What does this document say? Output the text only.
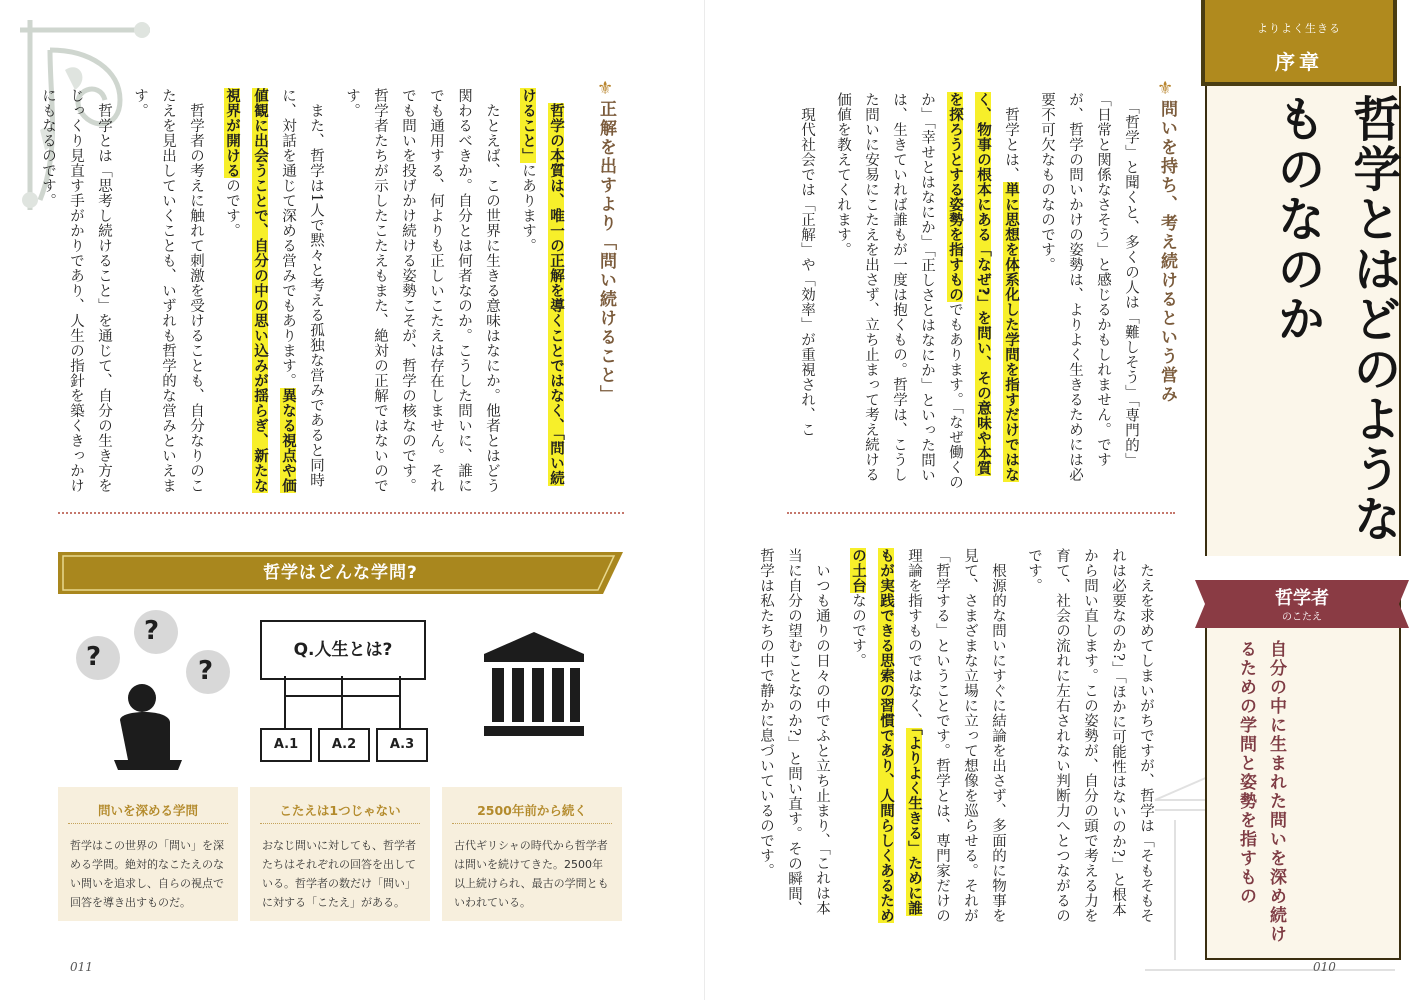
⚜
正解を出すより「問い続けること」

　哲学の本質は、唯一の正解を導くことではなく、「問い続けること」にあります。

　たとえば、この世界に生きる意味はなにか。他者とはどう関わるべきか。自分とは何者なのか。こうした問いに、誰にでも通用する、何よりも正しいこたえは存在しません。それでも問いを投げかけ続ける姿勢こそが、哲学の核なのです。哲学者たちが示したこたえもまた、絶対の正解ではないのです。

　また、哲学は1人で黙々と考える孤独な営みであると同時に、対話を通じて深める営みでもあります。異なる視点や価値観に出会うことで、自分の中の思い込みが揺らぎ、新たな視界が開けるのです。

　哲学者の考えに触れて刺激を受けることも、自分なりのこたえを見出していくことも、いずれも哲学的な営みといえます。

　哲学とは「思考し続けること」を通じて、自分の生き方をじっくり見直す手がかりであり、人生の指針を築くきっかけにもなるのです。

哲学はどんな学問?
?
?
?
Q.人生とは?
A.1	A.2	A.3
問いを深める学問
哲学はこの世界の「問い」を深める学問。絶対的なこたえのない問いを追求し、自らの視点で回答を導き出すものだ。
こたえは1つじゃない
おなじ問いに対しても、哲学者たちはそれぞれの回答を出している。哲学者の数だけ「問い」に対する「こたえ」がある。
2500年前から続く
古代ギリシャの時代から哲学者は問いを続けてきた。2500年以上続けられ、最古の学問ともいわれている。
011
⚜
問いを持ち、考え続けるという営み

　「哲学」と聞くと、多くの人は「難しそう」「専門的」「日常と関係なさそう」と感じるかもしれません。ですが、哲学の問いかけの姿勢は、よりよく生きるためには必要不可欠なものなのです。

　哲学とは、単に思想を体系化した学問を指すだけではなく、物事の根本にある「なぜ?」を問い、その意味や本質を探ろうとする姿勢を指すものでもあります。「なぜ働くのか」「幸せとはなにか」「正しさとはなにか」といった問いは、生きていれば誰もが一度は抱くもの。哲学は、こうした問いに安易にこたえを出さず、立ち止まって考え続ける価値を教えてくれます。

　現代社会では「正解」や「効率」が重視され、こ

　たえを求めてしまいがちですが、哲学は「そもそもそれは必要なのか?」「ほかに可能性はないのか?」と根本から問い直します。この姿勢が、自分の頭で考える力を育て、社会の流れに左右されない判断力へとつながるのです。

　根源的な問いにすぐに結論を出さず、多面的に物事を見て、さまざまな立場に立って想像を巡らせる。それが「哲学する」ということです。哲学とは、専門家だけの理論を指すものではなく、「よりよく生きる」ために誰もが実践できる思索の習慣であり、人間らしくあるための土台なのです。

　いつも通りの日々の中でふと立ち止まり、「これは本当に自分の望むことなのか?」と問い直す。その瞬間、哲学は私たちの中で静かに息づいているのです。

よりよく生きる
序章
哲学とはどのようなものなのか
自分の中に生まれた問いを深め続けるための学問と姿勢を指すもの
哲学者
のこたえ
010
